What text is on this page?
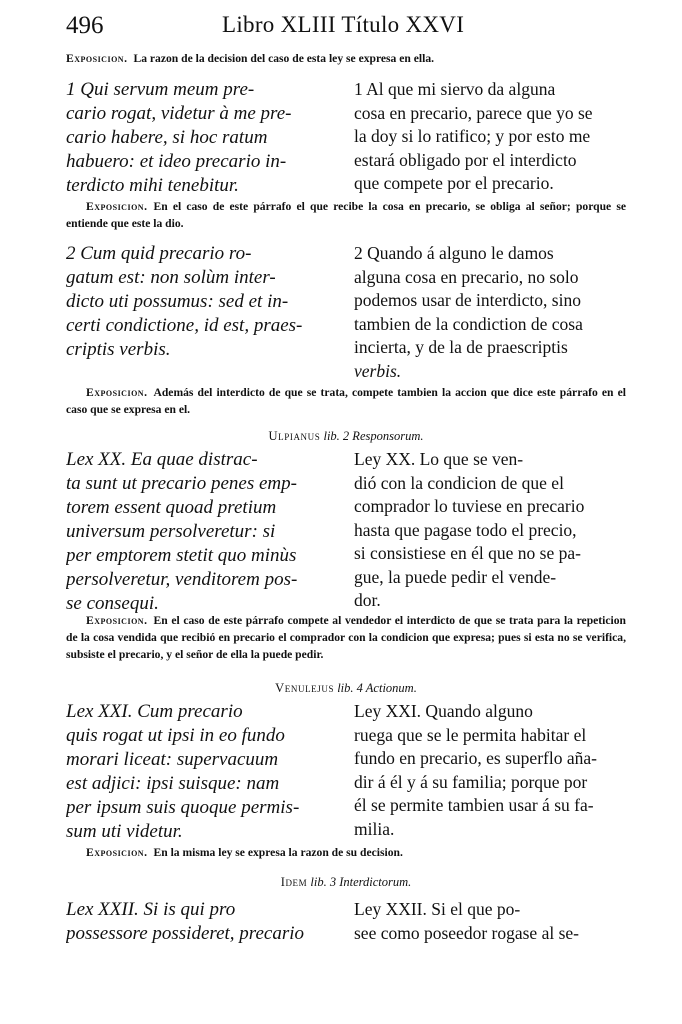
496	Libro XLIII Título XXVI
Exposicion. La razon de la decision del caso de esta ley se expresa en ella.
1 Qui servum meum pre-
cario rogat, videtur à me pre-
cario habere, si hoc ratum
habuero: et ideo precario in-
terdicto mihi tenebitur.
1 Al que mi siervo da alguna
cosa en precario, parece que yo se
la doy si lo ratifico; y por esto me
estará obligado por el interdicto
que compete por el precario.
Exposicion. En el caso de este párrafo el que recibe la cosa en precario, se obliga al señor; porque se entiende que este la dio.
2 Cum quid precario ro-
gatum est: non solùm inter-
dicto uti possumus: sed et in-
certi condictione, id est, praes-
criptis verbis.
2 Quando á alguno le damos
alguna cosa en precario, no solo
podemos usar de interdicto, sino
tambien de la condiction de cosa
incierta, y de la de praescriptis
verbis.
Exposicion. Además del interdicto de que se trata, compete tambien la accion que dice este párrafo en el caso que se expresa en el.
Ulpianus lib. 2 Responsorum.
Lex XX. Ea quae distrac-
ta sunt ut precario penes emp-
torem essent quoad pretium
universum persolveretur: si
per emptorem stetit quo minùs
persolveretur, venditorem pos-
se consequi.
Ley XX. Lo que se ven-
dió con la condicion de que el
comprador lo tuviese en precario
hasta que pagase todo el precio,
si consistiese en él que no se pa-
gue, la puede pedir el vende-
dor.
Exposicion. En el caso de este párrafo compete al vendedor el interdicto de que se trata para la repeticion de la cosa vendida que recibió en precario el comprador con la condicion que expresa; pues si esta no se verifica, subsiste el precario, y el señor de ella la puede pedir.
Venulejus lib. 4 Actionum.
Lex XXI. Cum precario
quis rogat ut ipsi in eo fundo
morari liceat: supervacuum
est adjici: ipsi suisque: nam
per ipsum suis quoque permis-
sum uti videtur.
Ley XXI. Quando alguno
ruega que se le permita habitar el
fundo en precario, es superflo aña-
dir á él y á su familia; porque por
él se permite tambien usar á su fa-
milia.
Exposicion. En la misma ley se expresa la razon de su decision.
Idem lib. 3 Interdictorum.
Lex XXII. Si is qui pro
possessore possideret, precario
Ley XXII. Si el que po-
see como poseedor rogase al se-
